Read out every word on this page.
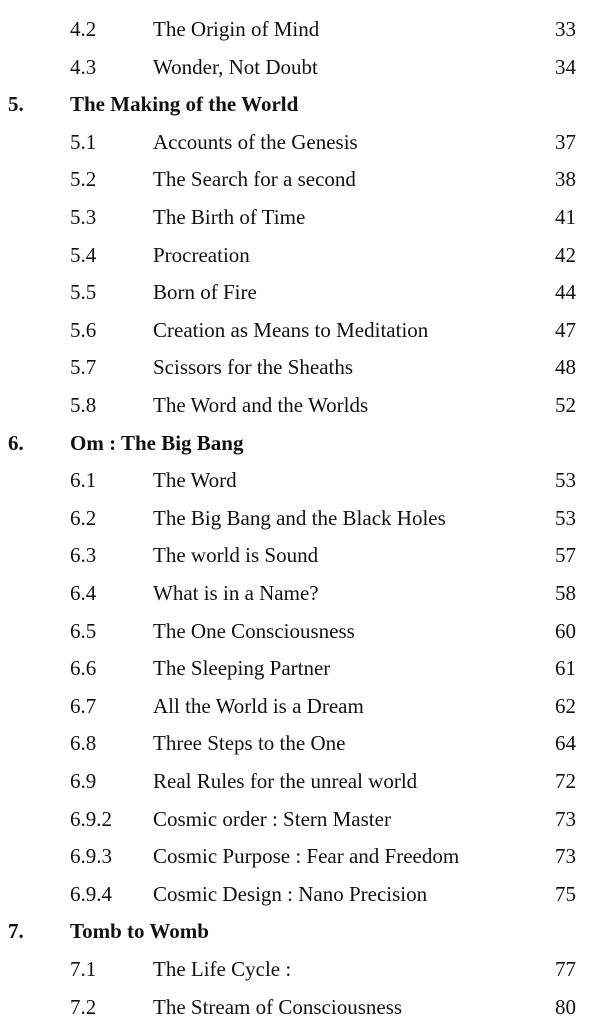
4.2	The Origin of Mind	33
4.3	Wonder, Not Doubt	34
5. The Making of the World
5.1	Accounts of the Genesis	37
5.2	The Search for a second	38
5.3	The Birth of Time	41
5.4	Procreation	42
5.5	Born of Fire	44
5.6	Creation as Means to Meditation	47
5.7	Scissors for the Sheaths	48
5.8	The Word and the Worlds	52
6. Om : The Big Bang
6.1	The Word	53
6.2	The Big Bang and the Black Holes	53
6.3	The world is Sound	57
6.4	What is in a Name?	58
6.5	The One Consciousness	60
6.6	The Sleeping Partner	61
6.7	All the World is a Dream	62
6.8	Three Steps to the One	64
6.9	Real Rules for the unreal world	72
6.9.2 Cosmic order : Stern Master	73
6.9.3 Cosmic Purpose : Fear and Freedom	73
6.9.4 Cosmic Design : Nano Precision	75
7. Tomb to Womb
7.1	The Life Cycle :	77
7.2	The Stream of Consciousness	80
